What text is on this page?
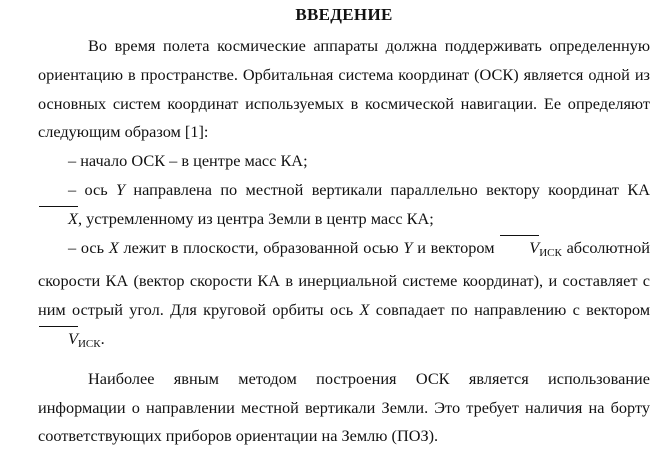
ВВЕДЕНИЕ

Во время полета космические аппараты должна поддерживать определенную ориентацию в пространстве. Орбитальная система координат (ОСК) является одной из основных систем координат используемых в космической навигации. Ее определяют следующим образом [1]:

– начало ОСК – в центре масс КА;

– ось Y направлена по местной вертикали параллельно вектору координат КА X, устремленному из центра Земли в центр масс КА;

– ось X лежит в плоскости, образованной осью Y и вектором $V_{ИСК}$ абсолютной скорости КА (вектор скорости КА в инерциальной системе координат), и составляет с ним острый угол. Для круговой орбиты ось X совпадает по направлению с вектором $V_{ИСК}$.

Наиболее явным методом построения ОСК является использование информации о направлении местной вертикали Земли. Это требует наличия на борту соответствующих приборов ориентации на Землю (ПОЗ).
